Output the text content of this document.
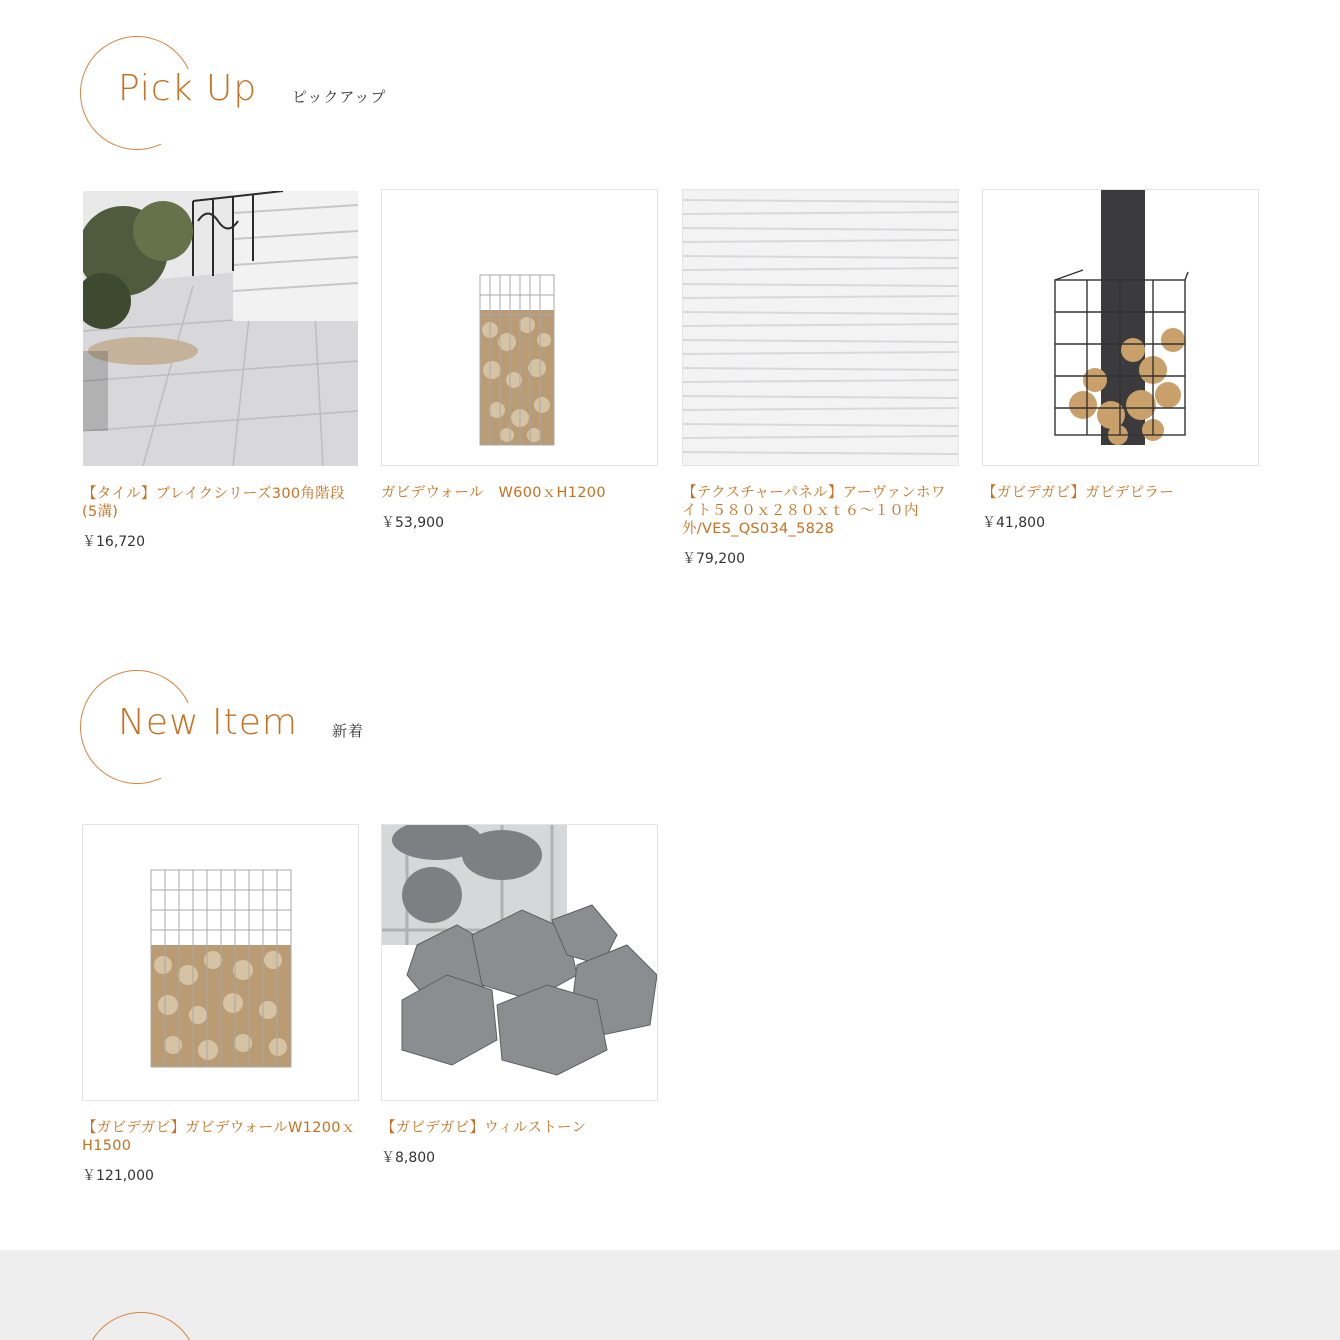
Pick Up ピックアップ
【タイル】ブレイクシリーズ300角階段(5溝)
￥16,720
ガビデウォール　W600ｘH1200
￥53,900
【テクスチャーパネル】アーヴァンホワイト５８０ｘ２８０ｘｔ６～１０内外/VES_QS034_5828
￥79,200
【ガビデガビ】ガビデピラー
￥41,800
New Item 新着
【ガビデガビ】ガビデウォールW1200ｘH1500
￥121,000
【ガビデガビ】ウィルストーン
￥8,800
